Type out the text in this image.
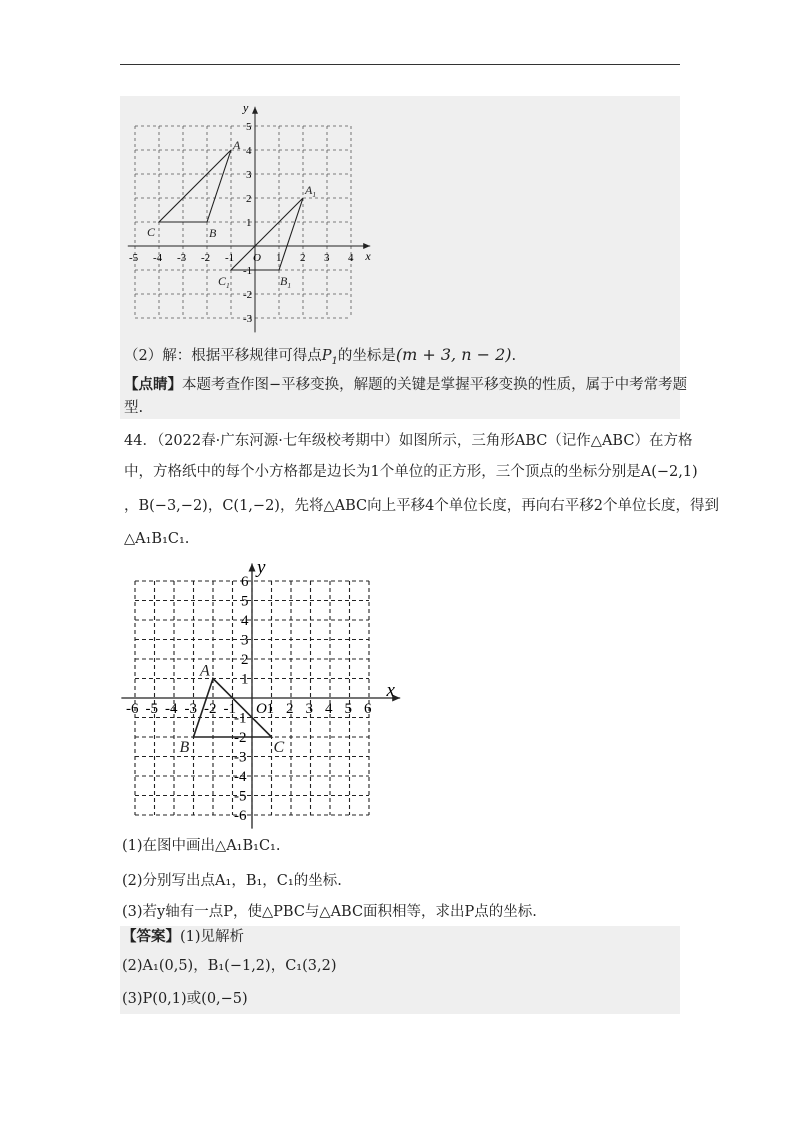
x
y
-5 -4 -3 -2 -1	1 2 3 4
-3
-2
-1
1
2
3
4
5
O
A
C	B
$A_1$
$C_1$	$B_1$
（2）解：根据平移规律可得点$P_1$的坐标是(m + 3, n − 2).
【点睛】本题考查作图−平移变换，解题的关键是掌握平移变换的性质，属于中考常考题
型.
44．（2022春·广东河源·七年级校考期中）如图所示，三角形ABC（记作△ABC）在方格
中，方格纸中的每个小方格都是边长为1个单位的正方形，三个顶点的坐标分别是A(−2,1)
，B(−3,−2)，C(1,−2)，先将△ABC向上平移4个单位长度，再向右平移2个单位长度，得到
△A₁B₁C₁.
x
y
-6 -5 -4 -3 -2 -1 1 2 3 4 5 6
-6
-5
-4
-3
-2
-1
1
2
3
4
5
6
O
A
B	C
(1)在图中画出△A₁B₁C₁.
(2)分别写出点A₁，B₁，C₁的坐标.
(3)若y轴有一点P，使△PBC与△ABC面积相等，求出P点的坐标.
【答案】(1)见解析
(2)A₁(0,5)，B₁(−1,2)，C₁(3,2)
(3)P(0,1)或(0,−5)
